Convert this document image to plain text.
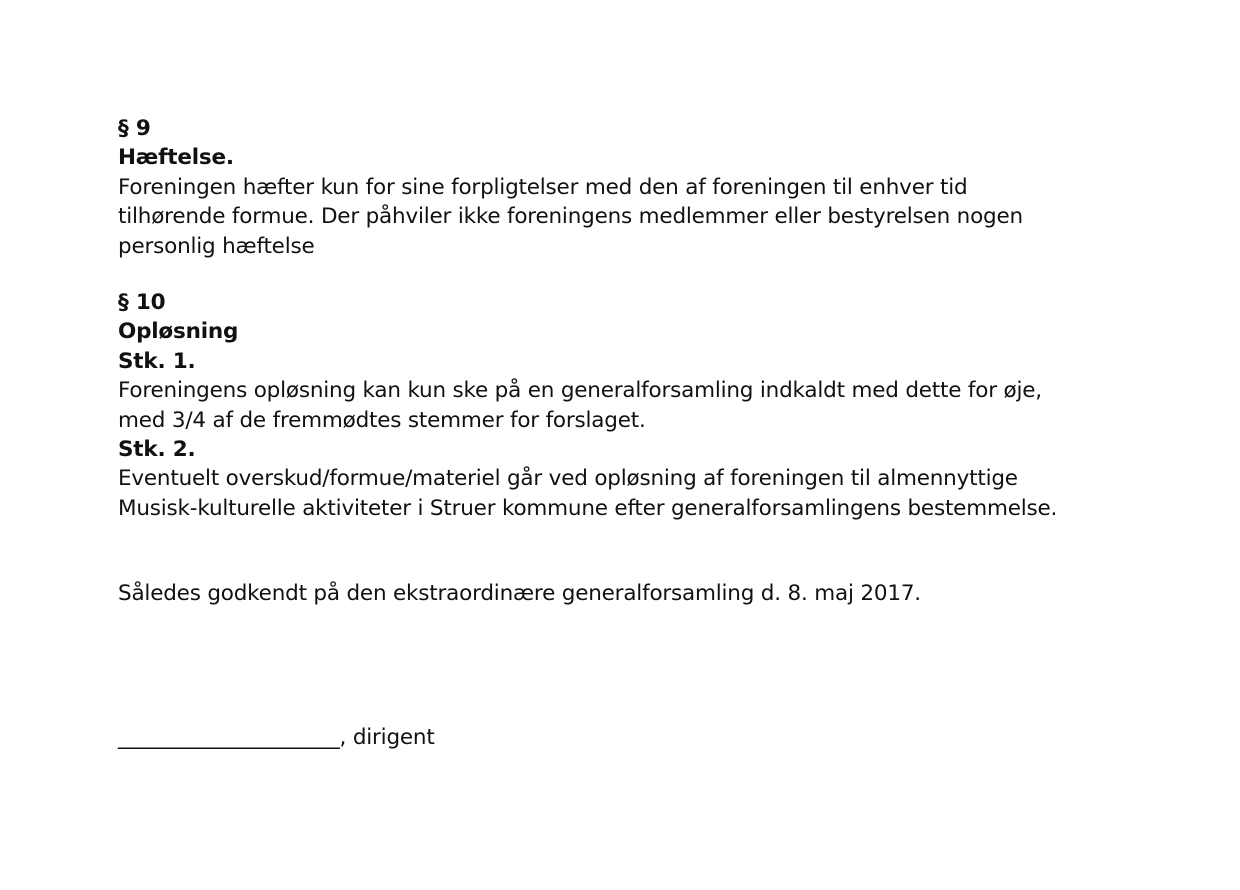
§ 9
Hæftelse.
Foreningen hæfter kun for sine forpligtelser med den af foreningen til enhver tid
tilhørende formue. Der påhviler ikke foreningens medlemmer eller bestyrelsen nogen
personlig hæftelse
§ 10
Opløsning
Stk. 1.
Foreningens opløsning kan kun ske på en generalforsamling indkaldt med dette for øje,
med 3/4 af de fremmødtes stemmer for forslaget.
Stk. 2.
Eventuelt overskud/formue/materiel går ved opløsning af foreningen til almennyttige
Musisk-kulturelle aktiviteter i Struer kommune efter generalforsamlingens bestemmelse.
Således godkendt på den ekstraordinære generalforsamling d. 8. maj 2017.
_____________________, dirigent
